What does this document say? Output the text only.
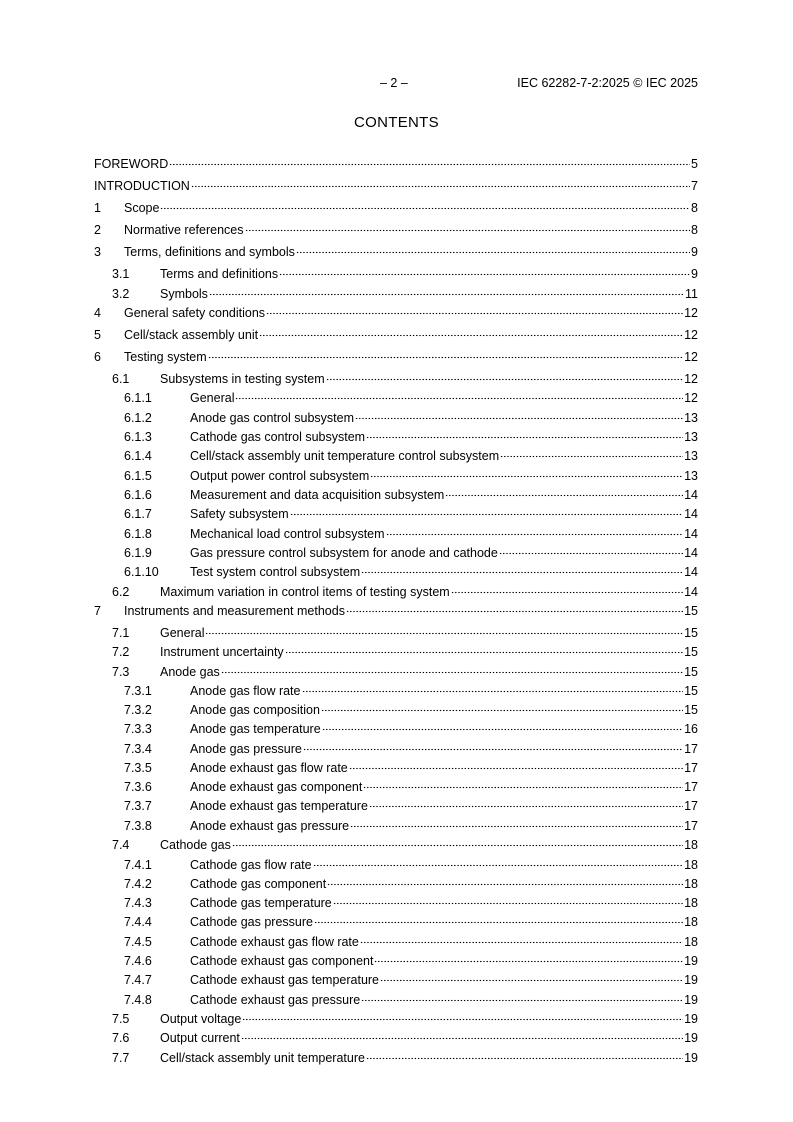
– 2 –	IEC 62282-7-2:2025 © IEC 2025
CONTENTS
FOREWORD	5
INTRODUCTION	7
1	Scope	8
2	Normative references	8
3	Terms, definitions and symbols	9
3.1	Terms and definitions	9
3.2	Symbols	11
4	General safety conditions	12
5	Cell/stack assembly unit	12
6	Testing system	12
6.1	Subsystems in testing system	12
6.1.1	General	12
6.1.2	Anode gas control subsystem	13
6.1.3	Cathode gas control subsystem	13
6.1.4	Cell/stack assembly unit temperature control subsystem	13
6.1.5	Output power control subsystem	13
6.1.6	Measurement and data acquisition subsystem	14
6.1.7	Safety subsystem	14
6.1.8	Mechanical load control subsystem	14
6.1.9	Gas pressure control subsystem for anode and cathode	14
6.1.10	Test system control subsystem	14
6.2	Maximum variation in control items of testing system	14
7	Instruments and measurement methods	15
7.1	General	15
7.2	Instrument uncertainty	15
7.3	Anode gas	15
7.3.1	Anode gas flow rate	15
7.3.2	Anode gas composition	15
7.3.3	Anode gas temperature	16
7.3.4	Anode gas pressure	17
7.3.5	Anode exhaust gas flow rate	17
7.3.6	Anode exhaust gas component	17
7.3.7	Anode exhaust gas temperature	17
7.3.8	Anode exhaust gas pressure	17
7.4	Cathode gas	18
7.4.1	Cathode gas flow rate	18
7.4.2	Cathode gas component	18
7.4.3	Cathode gas temperature	18
7.4.4	Cathode gas pressure	18
7.4.5	Cathode exhaust gas flow rate	18
7.4.6	Cathode exhaust gas component	19
7.4.7	Cathode exhaust gas temperature	19
7.4.8	Cathode exhaust gas pressure	19
7.5	Output voltage	19
7.6	Output current	19
7.7	Cell/stack assembly unit temperature	19
